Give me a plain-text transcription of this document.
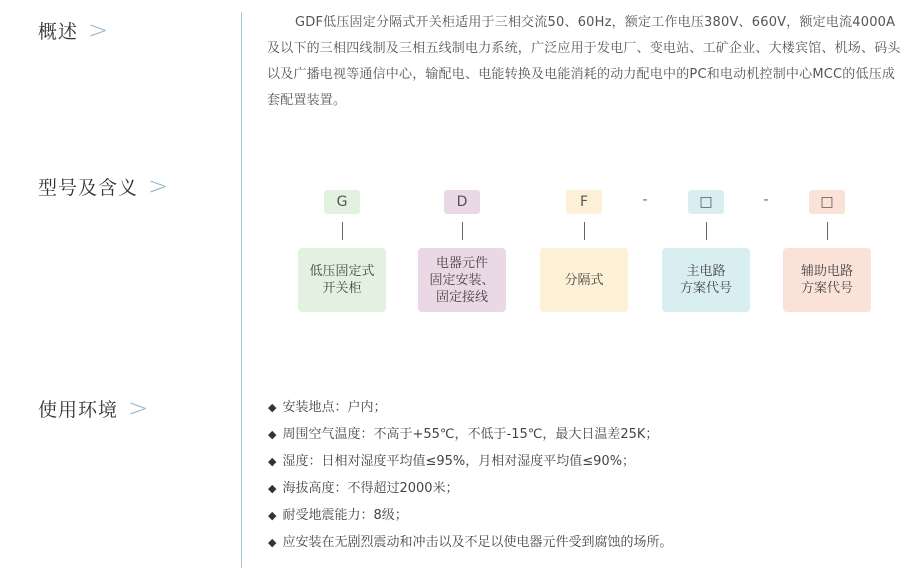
概述 >
型号及含义 >
使用环境 >
GDF低压固定分隔式开关柜适用于三相交流50、60Hz，额定工作电压380V、660V，额定电流4000A及以下的三相四线制及三相五线制电力系统，广泛应用于发电厂、变电站、工矿企业、大楼宾馆、机场、码头以及广播电视等通信中心，输配电、电能转换及电能消耗的动力配电中的PC和电动机控制中心MCC的低压成套配置装置。
G	D	F	-	□	-	□
低压固定式
开关柜
电器元件
固定安装、
固定接线
分隔式
主电路
方案代号
辅助电路
方案代号
◆ 安装地点：户内；
◆ 周围空气温度：不高于+55℃，不低于-15℃，最大日温差25K；
◆ 湿度：日相对湿度平均值≤95%，月相对湿度平均值≤90%；
◆ 海拔高度：不得超过2000米；
◆ 耐受地震能力：8级；
◆ 应安装在无剧烈震动和冲击以及不足以使电器元件受到腐蚀的场所。
